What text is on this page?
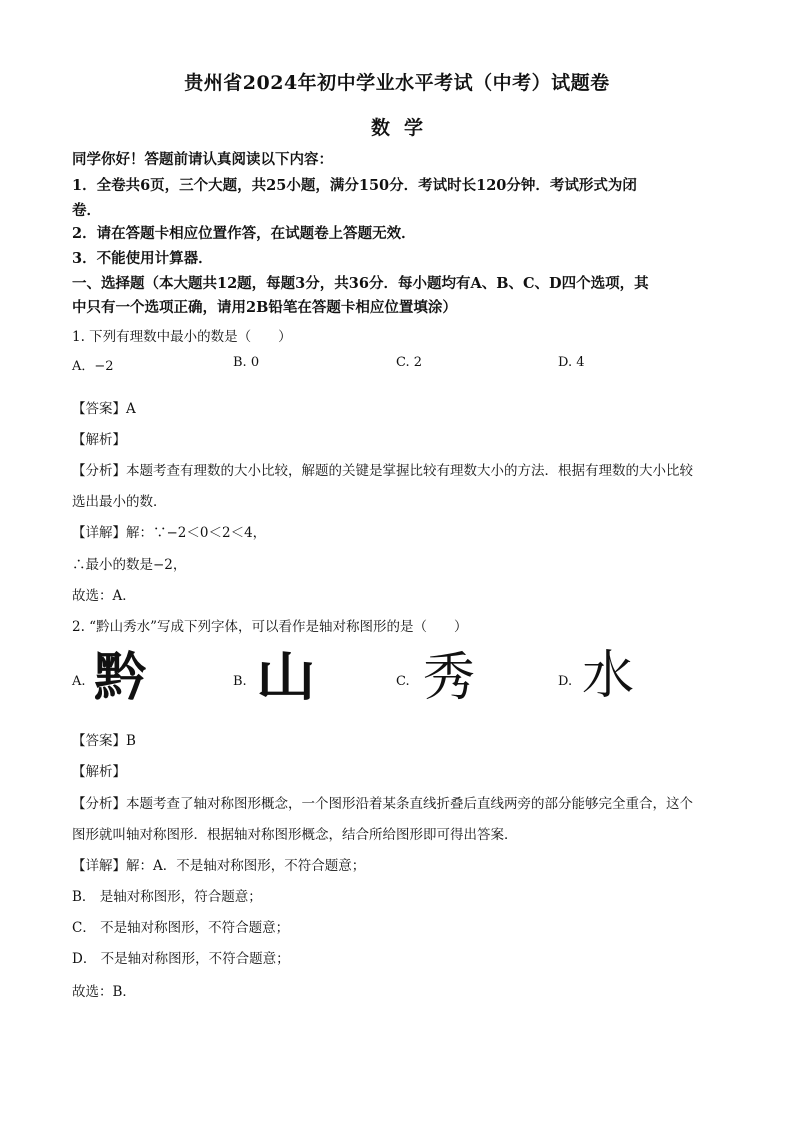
贵州省2024年初中学业水平考试（中考）试题卷
数学
同学你好！答题前请认真阅读以下内容：
1．全卷共6页，三个大题，共25小题，满分150分．考试时长120分钟．考试形式为闭
卷．
2．请在答题卡相应位置作答，在试题卷上答题无效．
3．不能使用计算器．
一、选择题（本大题共12题，每题3分，共36分．每小题均有A、B、C、D四个选项，其
中只有一个选项正确，请用2B铅笔在答题卡相应位置填涂）
1. 下列有理数中最小的数是（　　）
A．−2	B. 0	C. 2	D. 4
【答案】A
【解析】
【分析】本题考查有理数的大小比较，解题的关键是掌握比较有理数大小的方法．根据有理数的大小比较
选出最小的数．
【详解】解：∵−2＜0＜2＜4，
∴最小的数是−2，
故选：A．
2. “黔山秀水”写成下列字体，可以看作是轴对称图形的是（　　）
A. 黔	B. 山	C. 秀	D. 水
【答案】B
【解析】
【分析】本题考查了轴对称图形概念，一个图形沿着某条直线折叠后直线两旁的部分能够完全重合，这个
图形就叫轴对称图形．根据轴对称图形概念，结合所给图形即可得出答案．
【详解】解：A．不是轴对称图形，不符合题意；
B． 是轴对称图形，符合题意；
C． 不是轴对称图形，不符合题意；
D． 不是轴对称图形，不符合题意；
故选：B．
